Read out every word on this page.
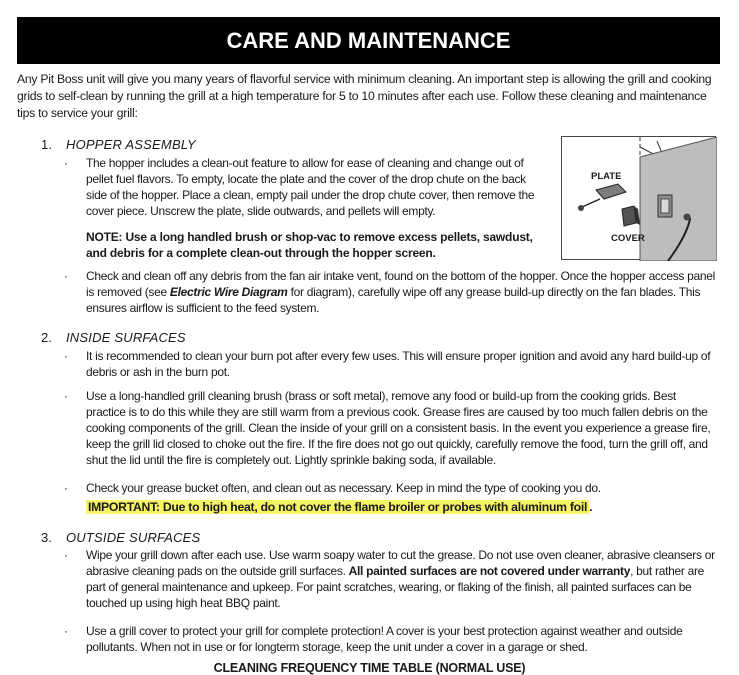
CARE AND MAINTENANCE
Any Pit Boss unit will give you many years of flavorful service with minimum cleaning. An important step is allowing the grill and cooking grids to self-clean by running the grill at a high temperature for 5 to 10 minutes after each use. Follow these cleaning and maintenance tips to service your grill:
1. HOPPER ASSEMBLY
· The hopper includes a clean-out feature to allow for ease of cleaning and change out of pellet fuel flavors. To empty, locate the plate and the cover of the drop chute on the back side of the hopper. Place a clean, empty pail under the drop chute cover, then remove the cover piece. Unscrew the plate, slide outwards, and pellets will empty.
NOTE: Use a long handled brush or shop-vac to remove excess pellets, sawdust, and debris for a complete clean-out through the hopper screen.
PLATE
COVER
· Check and clean off any debris from the fan air intake vent, found on the bottom of the hopper. Once the hopper access panel is removed (see Electric Wire Diagram for diagram), carefully wipe off any grease build-up directly on the fan blades. This ensures airflow is sufficient to the feed system.
2. INSIDE SURFACES
· It is recommended to clean your burn pot after every few uses. This will ensure proper ignition and avoid any hard build-up of debris or ash in the burn pot.
· Use a long-handled grill cleaning brush (brass or soft metal), remove any food or build-up from the cooking grids. Best practice is to do this while they are still warm from a previous cook. Grease fires are caused by too much fallen debris on the cooking components of the grill. Clean the inside of your grill on a consistent basis. In the event you experience a grease fire, keep the grill lid closed to choke out the fire. If the fire does not go out quickly, carefully remove the food, turn the grill off, and shut the lid until the fire is completely out. Lightly sprinkle baking soda, if available.
· Check your grease bucket often, and clean out as necessary. Keep in mind the type of cooking you do.
IMPORTANT: Due to high heat, do not cover the flame broiler or probes with aluminum foil .
3. OUTSIDE SURFACES
· Wipe your grill down after each use. Use warm soapy water to cut the grease. Do not use oven cleaner, abrasive cleansers or abrasive cleaning pads on the outside grill surfaces. All painted surfaces are not covered under warranty, but rather are part of general maintenance and upkeep. For paint scratches, wearing, or flaking of the finish, all painted surfaces can be touched up using high heat BBQ paint.
· Use a grill cover to protect your grill for complete protection! A cover is your best protection against weather and outside pollutants. When not in use or for longterm storage, keep the unit under a cover in a garage or shed.
CLEANING FREQUENCY TIME TABLE (NORMAL USE)
